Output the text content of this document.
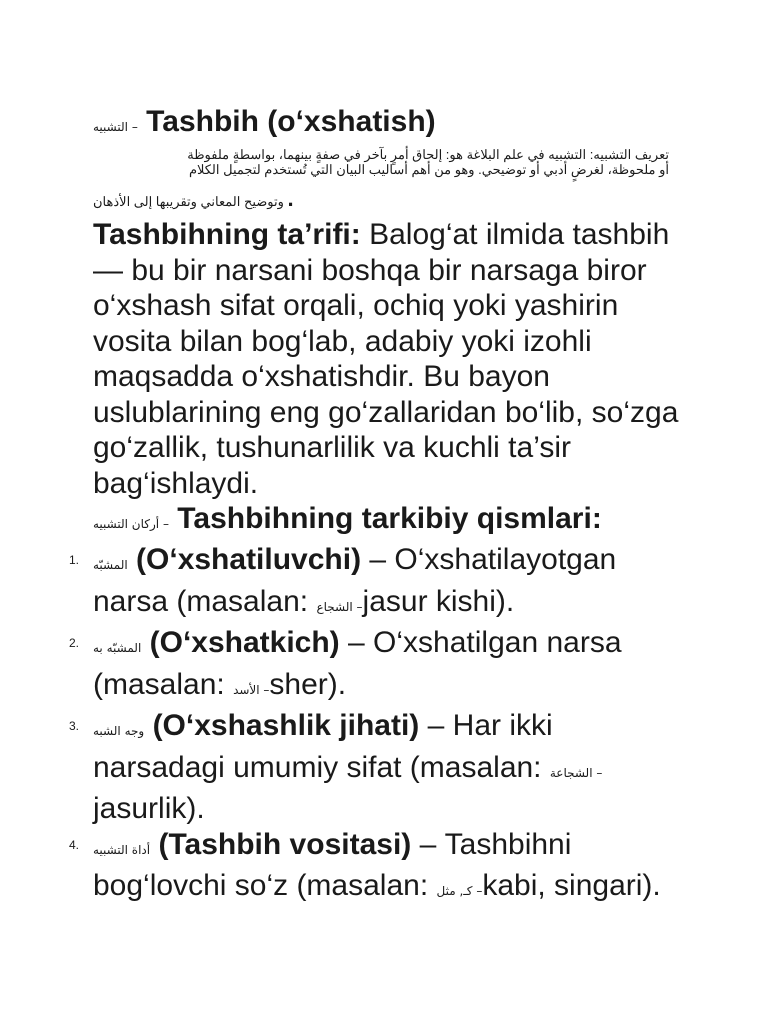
التشبيه – Tashbih (o‘xshatish)

تعريف التشبيه: التشبيه في علم البلاغة هو: إلحاق أمرٍ بآخر في صفةٍ بينهما، بواسطةٍ ملفوظة
أو ملحوظة، لغرضٍ أدبي أو توضيحي. وهو من أهم أساليب البيان التي تُستخدم لتجميل الكلام

. وتوضيح المعاني وتقريبها إلى الأذهان

Tashbihning ta’rifi: Balog‘at ilmida tashbih — bu bir narsani boshqa bir narsaga biror o‘xshash sifat orqali, ochiq yoki yashirin vosita bilan bog‘lab, adabiy yoki izohli maqsadda o‘xshatishdir. Bu bayon uslublarining eng go‘zallaridan bo‘lib, so‘zga go‘zallik, tushunarlilik va kuchli ta’sir bag‘ishlaydi.

أركان التشبيه – Tashbihning tarkibiy qismlari:

1. المشبّه (O‘xshatiluvchi) – O‘xshatilayotgan narsa (masalan: الشجاع –jasur kishi).
2. المشبّه به (O‘xshatkich) – O‘xshatilgan narsa (masalan: الأسد –sher).
3. وجه الشبه (O‘xshashlik jihati) – Har ikki narsadagi umumiy sifat (masalan: الشجاعة –jasurlik).
4. أداة التشبيه (Tashbih vositasi) – Tashbihni bog‘lovchi so‘z (masalan: كـ, مثل –kabi, singari).
